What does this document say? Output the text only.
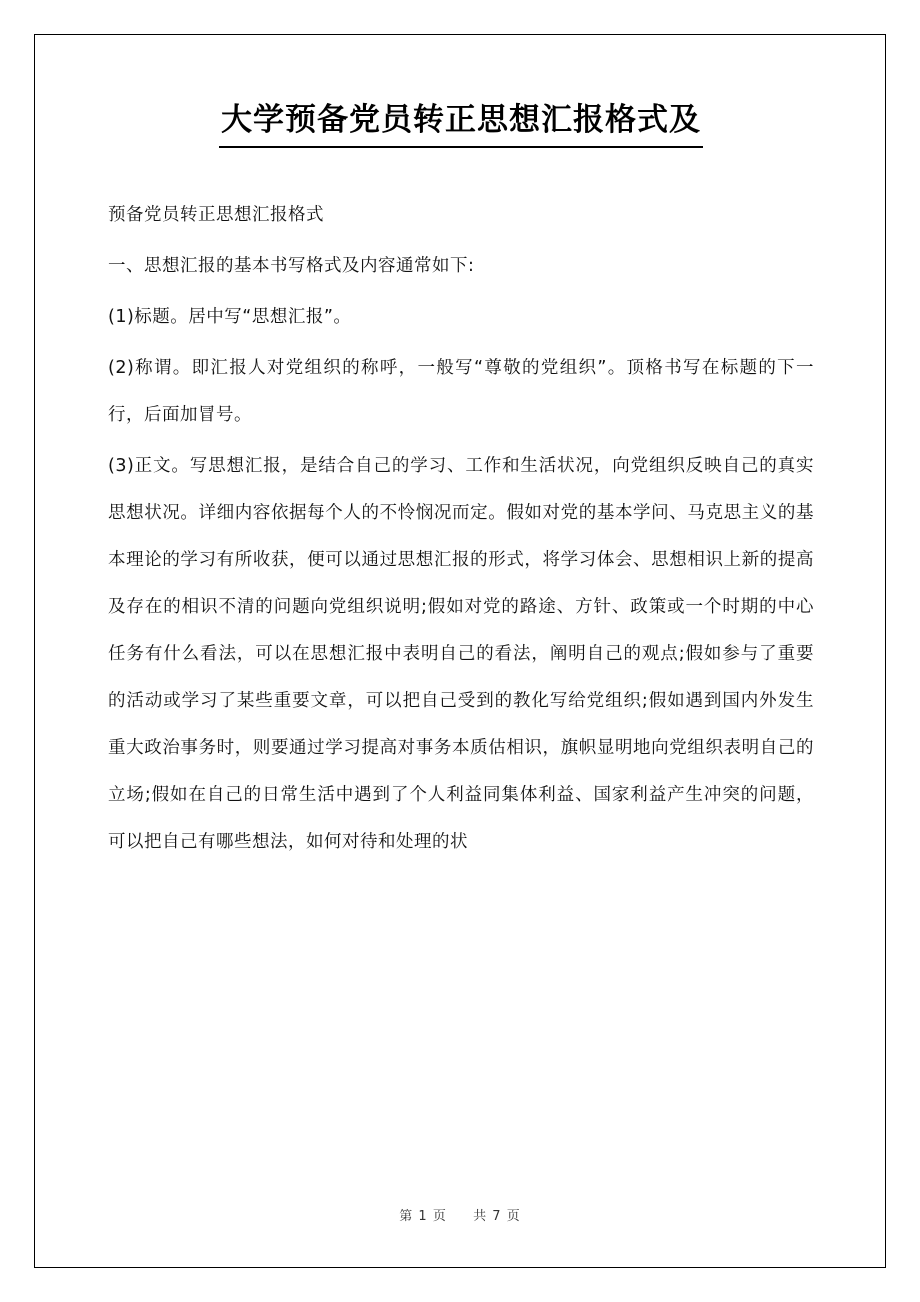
大学预备党员转正思想汇报格式及

预备党员转正思想汇报格式

一、思想汇报的基本书写格式及内容通常如下:

(1)标题。居中写“思想汇报”。

(2)称谓。即汇报人对党组织的称呼，一般写“尊敬的党组织”。顶格书写在标题的下一行，后面加冒号。

(3)正文。写思想汇报，是结合自己的学习、工作和生活状况，向党组织反映自己的真实思想状况。详细内容依据每个人的不怜悯况而定。假如对党的基本学问、马克思主义的基本理论的学习有所收获，便可以通过思想汇报的形式，将学习体会、思想相识上新的提高及存在的相识不清的问题向党组织说明;假如对党的路途、方针、政策或一个时期的中心任务有什么看法，可以在思想汇报中表明自己的看法，阐明自己的观点;假如参与了重要的活动或学习了某些重要文章，可以把自己受到的教化写给党组织;假如遇到国内外发生重大政治事务时，则要通过学习提高对事务本质估相识，旗帜显明地向党组织表明自己的立场;假如在自己的日常生活中遇到了个人利益同集体利益、国家利益产生冲突的问题，可以把自己有哪些想法，如何对待和处理的状

第 1 页 共 7 页
